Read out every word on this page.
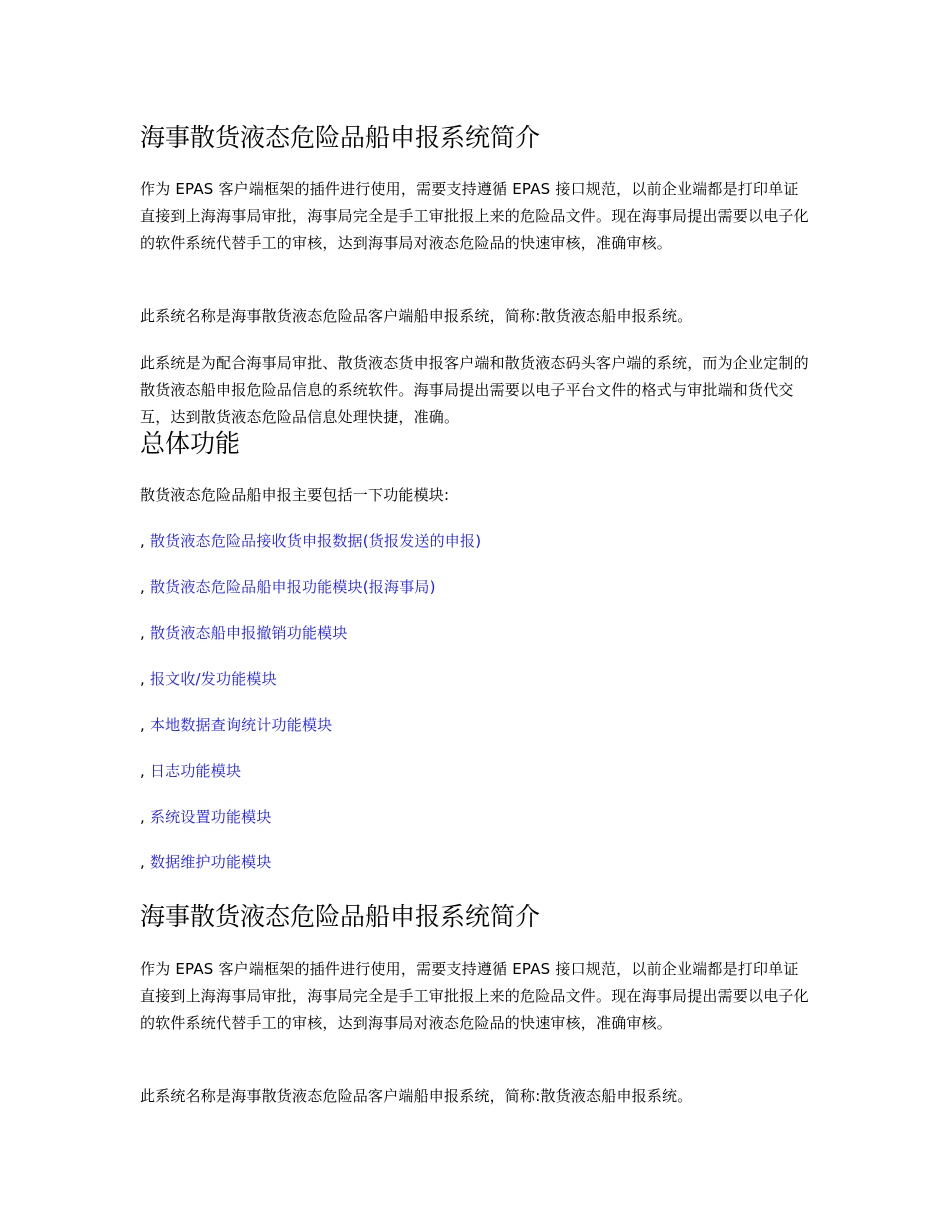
海事散货液态危险品船申报系统简介

作为 EPAS 客户端框架的插件进行使用，需要支持遵循 EPAS 接口规范，以前企业端都是打印单证直接到上海海事局审批，海事局完全是手工审批报上来的危险品文件。现在海事局提出需要以电子化的软件系统代替手工的审核，达到海事局对液态危险品的快速审核，准确审核。

此系统名称是海事散货液态危险品客户端船申报系统，简称:散货液态船申报系统。

此系统是为配合海事局审批、散货液态货申报客户端和散货液态码头客户端的系统，而为企业定制的散货液态船申报危险品信息的系统软件。海事局提出需要以电子平台文件的格式与审批端和货代交互，达到散货液态危险品信息处理快捷，准确。

总体功能

散货液态危险品船申报主要包括一下功能模块:

, 散货液态危险品接收货申报数据(货报发送的申报)
, 散货液态危险品船申报功能模块(报海事局)
, 散货液态船申报撤销功能模块
, 报文收/发功能模块
, 本地数据查询统计功能模块
, 日志功能模块
, 系统设置功能模块
, 数据维护功能模块
海事散货液态危险品船申报系统简介

作为 EPAS 客户端框架的插件进行使用，需要支持遵循 EPAS 接口规范，以前企业端都是打印单证直接到上海海事局审批，海事局完全是手工审批报上来的危险品文件。现在海事局提出需要以电子化的软件系统代替手工的审核，达到海事局对液态危险品的快速审核，准确审核。

此系统名称是海事散货液态危险品客户端船申报系统，简称:散货液态船申报系统。
